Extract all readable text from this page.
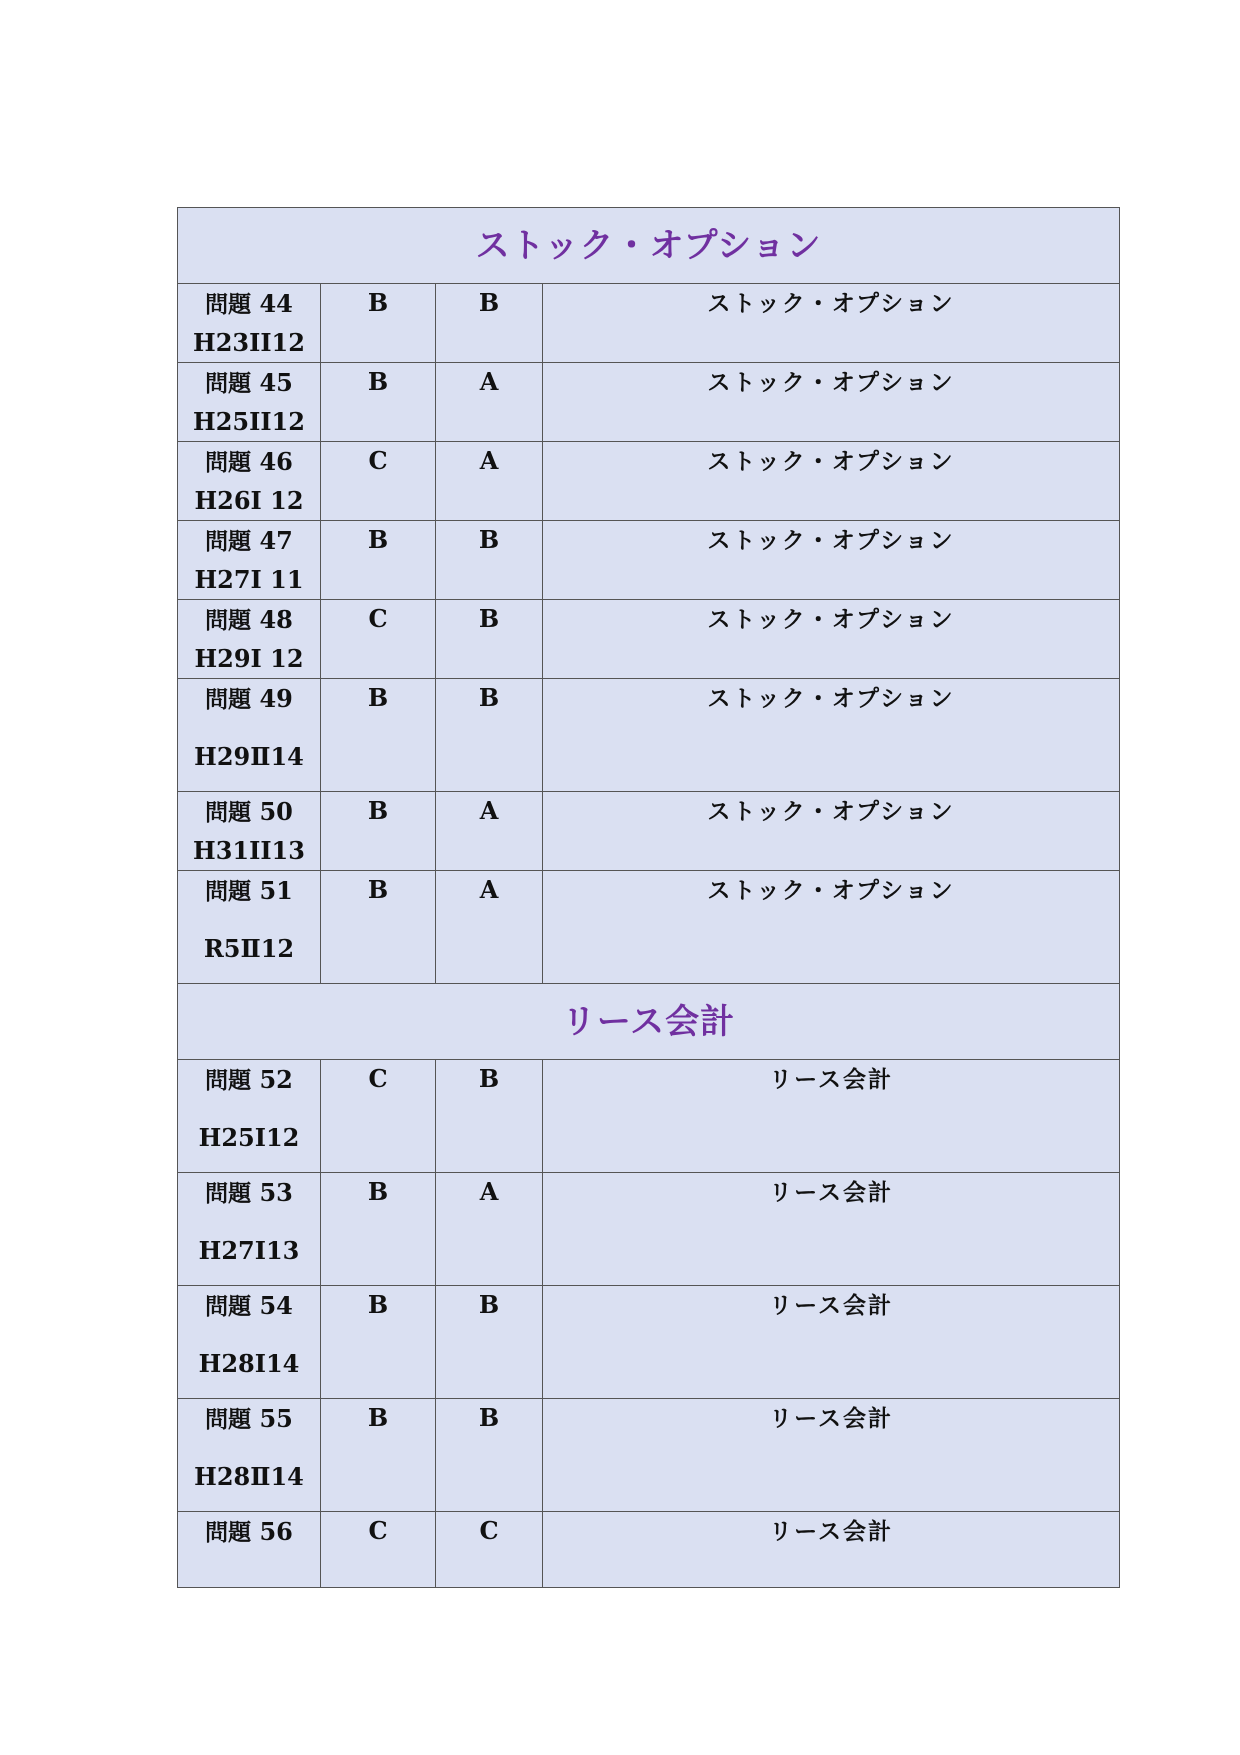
ストック・オプション			

問題 44
H23II12	B	B	ストック・オプション

問題 45
H25II12	B	A	ストック・オプション

問題 46
H26I 12	C	A	ストック・オプション

問題 47
H27I 11	B	B	ストック・オプション

問題 48
H29I 12	C	B	ストック・オプション

問題 49
H29Ⅱ14	B	B	ストック・オプション

問題 50
H31II13	B	A	ストック・オプション

問題 51
R5Ⅱ12	B	A	ストック・オプション

リース会計			

問題 52
H25Ⅰ12	C	B	リース会計

問題 53
H27Ⅰ13	B	A	リース会計

問題 54
H28Ⅰ14	B	B	リース会計

問題 55
H28Ⅱ14	B	B	リース会計

問題 56	C	C	リース会計
